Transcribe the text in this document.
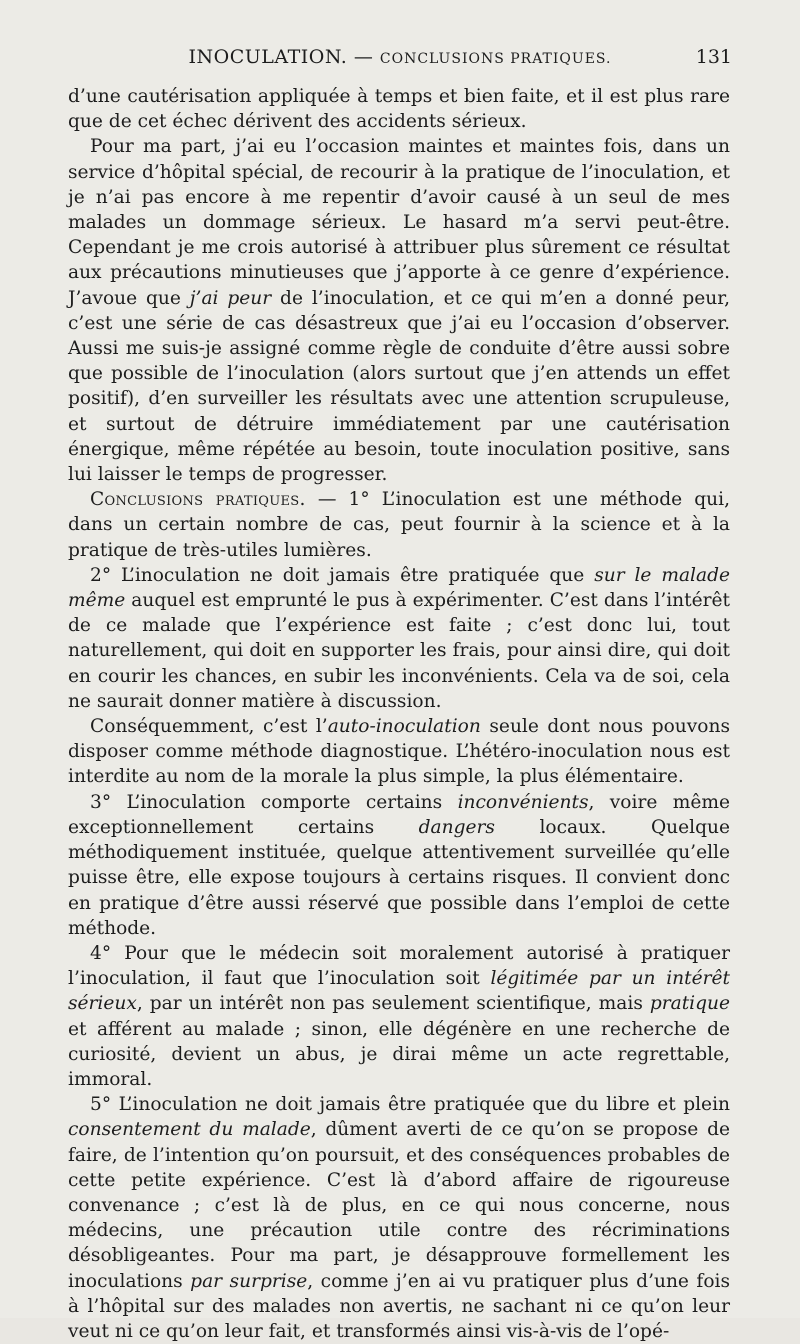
INOCULATION. — CONCLUSIONS PRATIQUES.	131

d’une cautérisation appliquée à temps et bien faite, et il est plus rare que de cet échec dérivent des accidents sérieux.

Pour ma part, j’ai eu l’occasion maintes et maintes fois, dans un service d’hôpital spécial, de recourir à la pratique de l’inoculation, et je n’ai pas encore à me repentir d’avoir causé à un seul de mes malades un dommage sérieux. Le hasard m’a servi peut-être. Cependant je me crois autorisé à attribuer plus sûrement ce résultat aux précautions minutieuses que j’apporte à ce genre d’expérience. J’avoue que j’ai peur de l’inoculation, et ce qui m’en a donné peur, c’est une série de cas désastreux que j’ai eu l’occasion d’observer. Aussi me suis-je assigné comme règle de conduite d’être aussi sobre que possible de l’inoculation (alors surtout que j’en attends un effet positif), d’en surveiller les résultats avec une attention scrupuleuse, et surtout de détruire immédiatement par une cautérisation énergique, même répétée au besoin, toute inoculation positive, sans lui laisser le temps de progresser.

Conclusions pratiques. — 1° L’inoculation est une méthode qui, dans un certain nombre de cas, peut fournir à la science et à la pratique de très-utiles lumières.

2° L’inoculation ne doit jamais être pratiquée que sur le malade même auquel est emprunté le pus à expérimenter. C’est dans l’intérêt de ce malade que l’expérience est faite ; c’est donc lui, tout naturellement, qui doit en supporter les frais, pour ainsi dire, qui doit en courir les chances, en subir les inconvénients. Cela va de soi, cela ne saurait donner matière à discussion.

Conséquemment, c’est l’auto-inoculation seule dont nous pouvons disposer comme méthode diagnostique. L’hétéro-inoculation nous est interdite au nom de la morale la plus simple, la plus élémentaire.

3° L’inoculation comporte certains inconvénients, voire même exceptionnellement certains dangers locaux. Quelque méthodiquement instituée, quelque attentivement surveillée qu’elle puisse être, elle expose toujours à certains risques. Il convient donc en pratique d’être aussi réservé que possible dans l’emploi de cette méthode.

4° Pour que le médecin soit moralement autorisé à pratiquer l’inoculation, il faut que l’inoculation soit légitimée par un intérêt sérieux, par un intérêt non pas seulement scientifique, mais pratique et afférent au malade ; sinon, elle dégénère en une recherche de curiosité, devient un abus, je dirai même un acte regrettable, immoral.

5° L’inoculation ne doit jamais être pratiquée que du libre et plein consentement du malade, dûment averti de ce qu’on se propose de faire, de l’intention qu’on poursuit, et des conséquences probables de cette petite expérience. C’est là d’abord affaire de rigoureuse convenance ; c’est là de plus, en ce qui nous concerne, nous médecins, une précaution utile contre des récriminations désobligeantes. Pour ma part, je désapprouve formellement les inoculations par surprise, comme j’en ai vu pratiquer plus d’une fois à l’hôpital sur des malades non avertis, ne sachant ni ce qu’on leur veut ni ce qu’on leur fait, et transformés ainsi vis-à-vis de l’opé-
